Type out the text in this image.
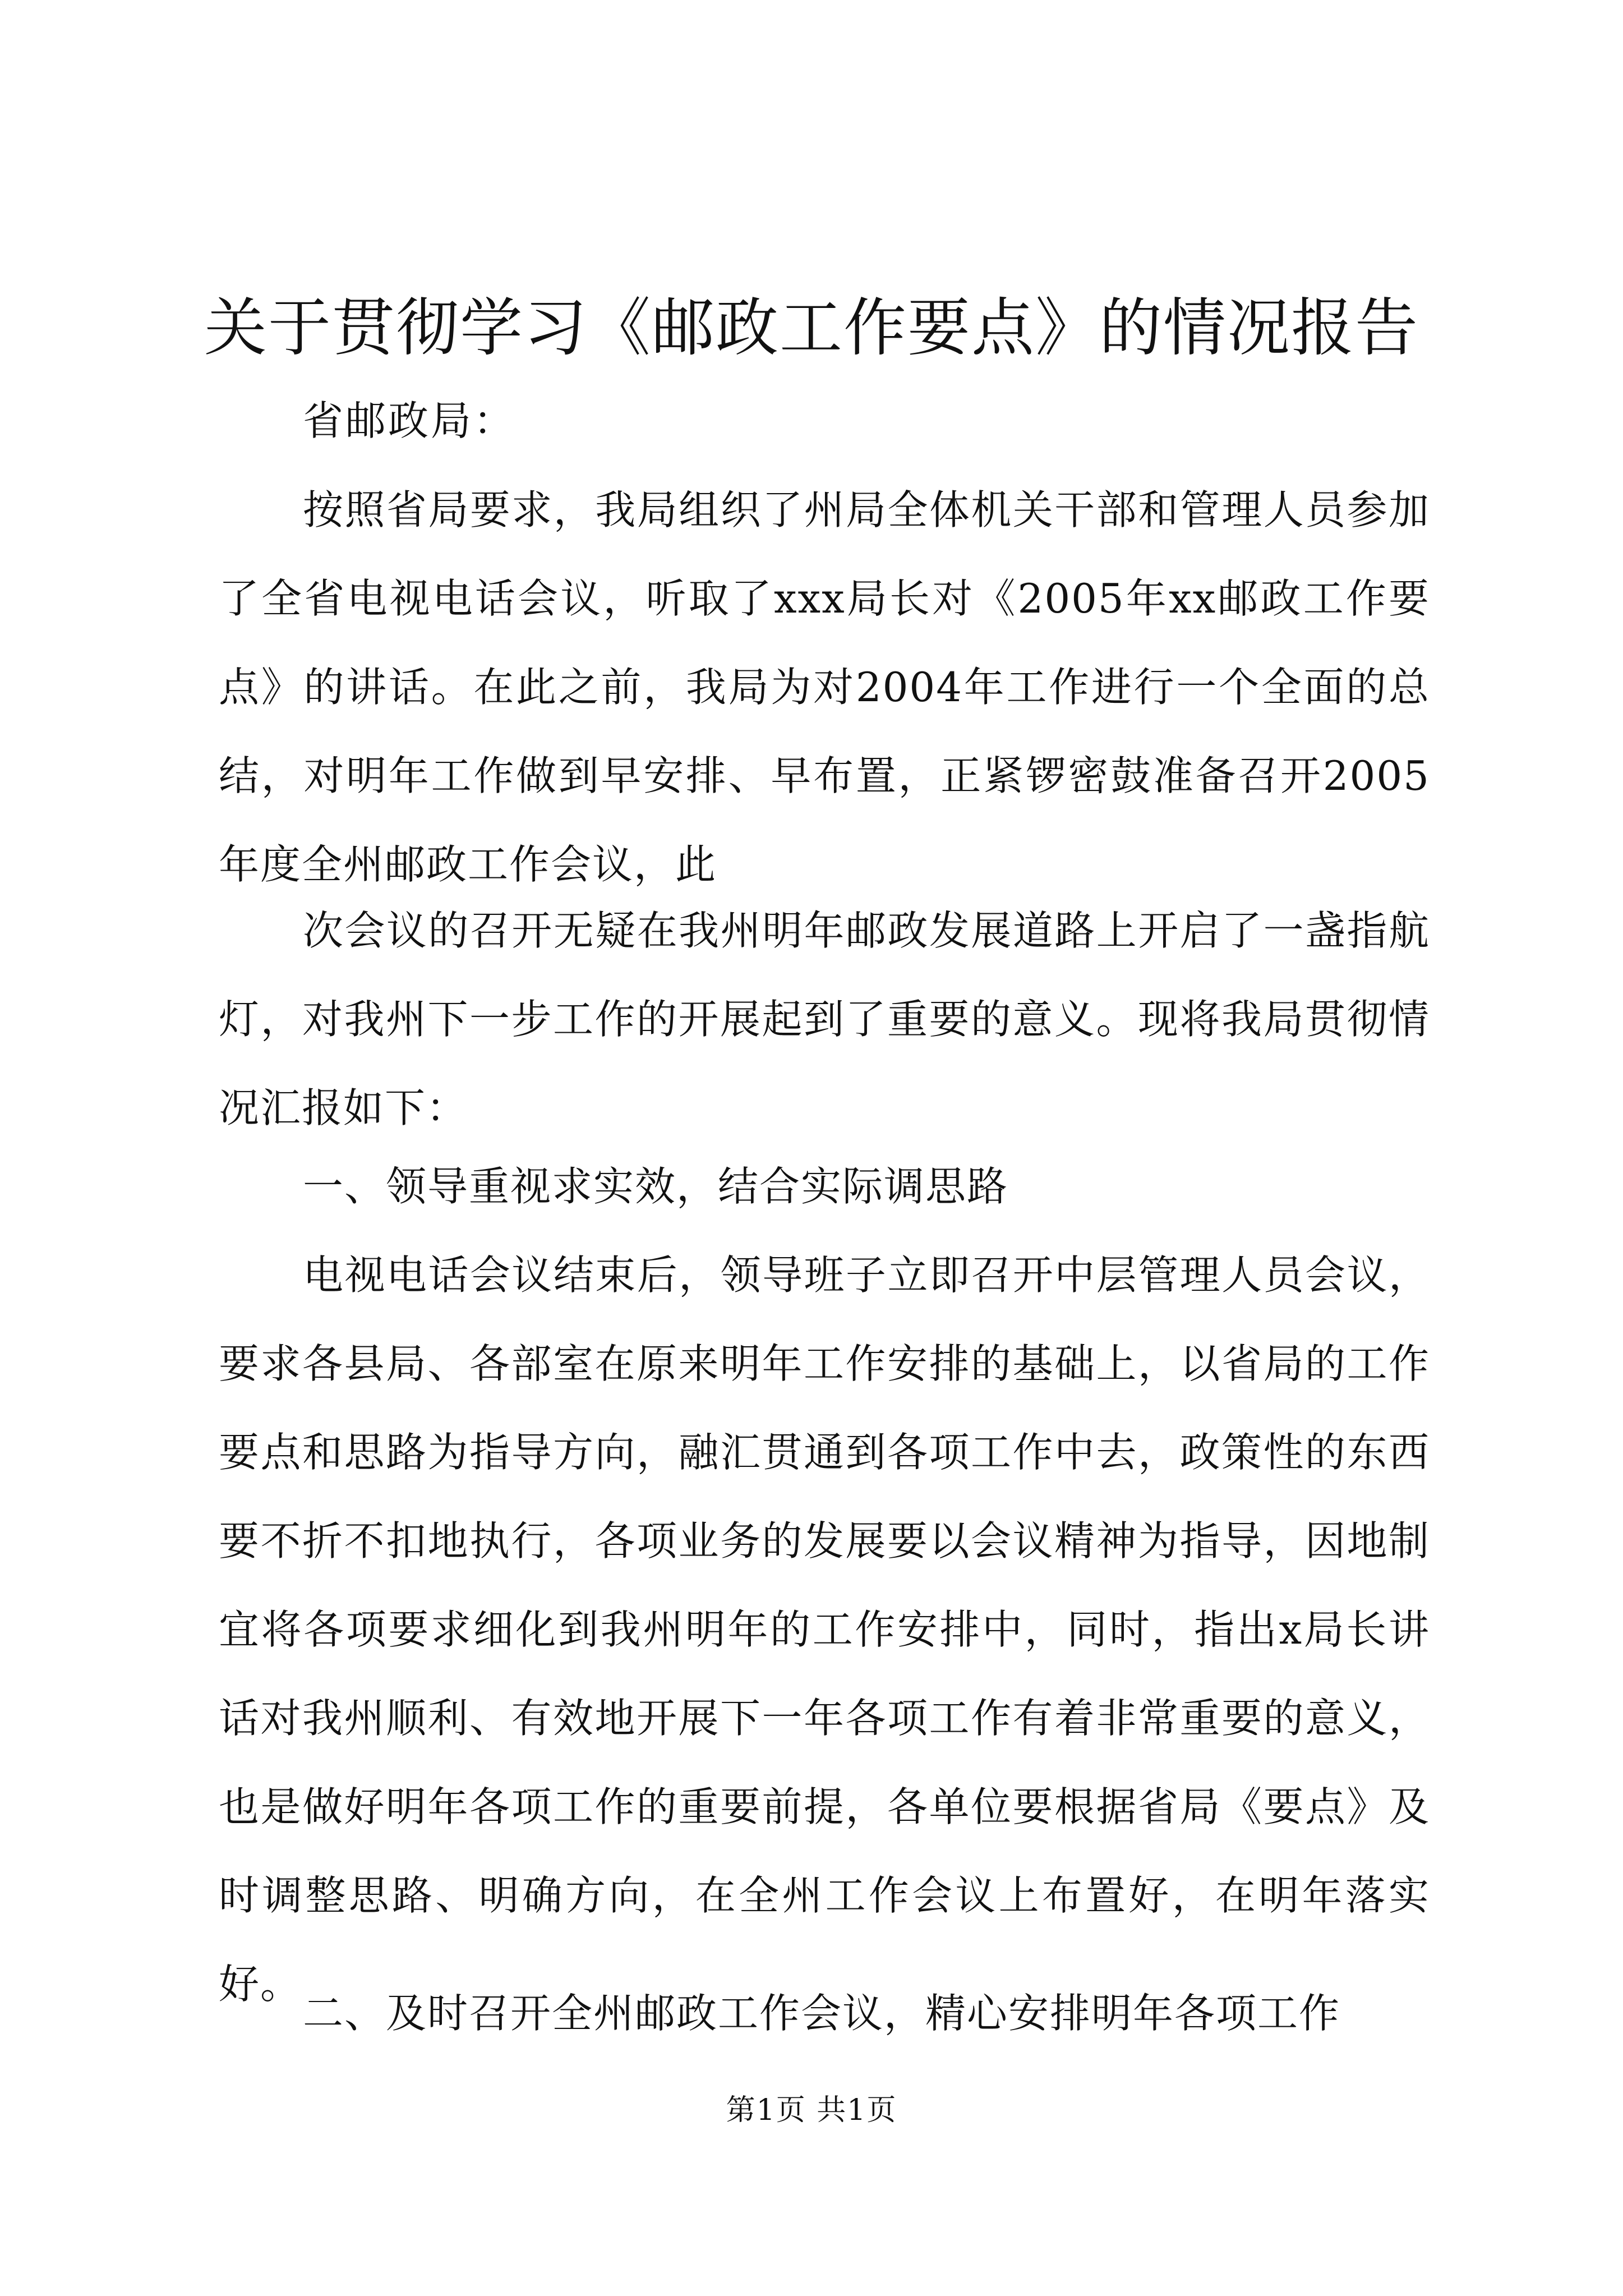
关于贯彻学习《邮政工作要点》的情况报告
省邮政局：

按照省局要求，我局组织了州局全体机关干部和管理人员参加了全省电视电话会议，听取了xxx局长对《2005年xx邮政工作要点》的讲话。在此之前，我局为对2004年工作进行一个全面的总结，对明年工作做到早安排、早布置，正紧锣密鼓准备召开2005年度全州邮政工作会议，此

次会议的召开无疑在我州明年邮政发展道路上开启了一盏指航灯，对我州下一步工作的开展起到了重要的意义。现将我局贯彻情况汇报如下：

一、领导重视求实效，结合实际调思路

电视电话会议结束后，领导班子立即召开中层管理人员会议，要求各县局、各部室在原来明年工作安排的基础上，以省局的工作要点和思路为指导方向，融汇贯通到各项工作中去，政策性的东西要不折不扣地执行，各项业务的发展要以会议精神为指导，因地制宜将各项要求细化到我州明年的工作安排中，同时，指出x局长讲话对我州顺利、有效地开展下一年各项工作有着非常重要的意义，也是做好明年各项工作的重要前提，各单位要根据省局《要点》及时调整思路、明确方向，在全州工作会议上布置好，在明年落实好。

二、及时召开全州邮政工作会议，精心安排明年各项工作

第1页 共1页
